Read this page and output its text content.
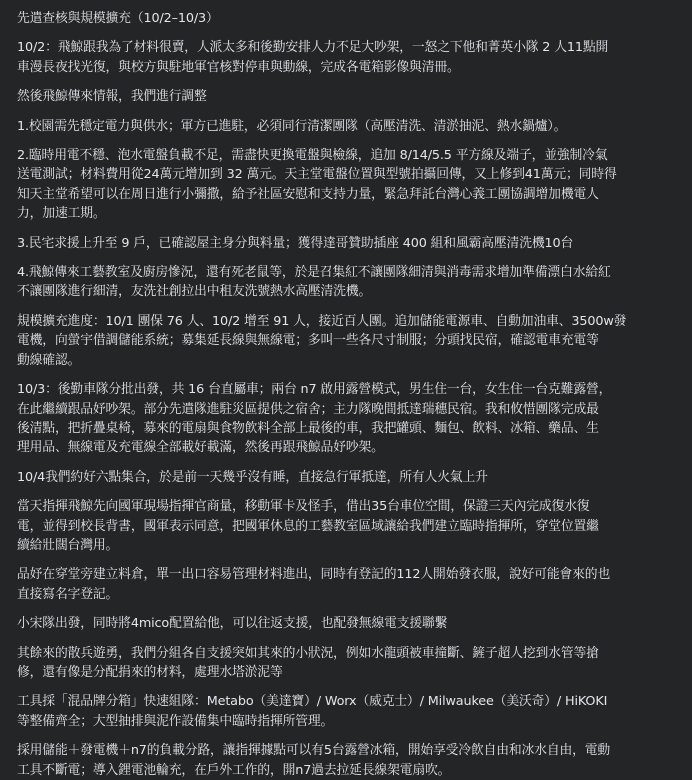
先遣查核與規模擴充（10/2–10/3）
10/2：飛鯨跟我為了材料很賣，人派太多和後勤安排人力不足大吵架，一怒之下他和菁英小隊 2 人11點開
車漫長夜找光復，與校方與駐地軍官核對停車與動線，完成各電箱影像與清冊。
然後飛鯨傳來情報，我們進行調整
1.校園需先穩定電力與供水；軍方已進駐，必須同行清潔團隊（高壓清洗、清淤抽泥、熱水鍋爐）。
2.臨時用電不穩、泡水電盤負載不足，需盡快更換電盤與檢線，追加 8/14/5.5 平方線及端子，並強制冷氣
送電測試；材料費用從24萬元增加到 32 萬元。天主堂電盤位置與型號拍攝回傳，又上修到41萬元；同時得
知天主堂希望可以在周日進行小彌撒，給予社區安慰和支持力量，緊急拜託台灣心義工團協調增加機電人
力，加速工期。
3.民宅求援上升至 9 戶，已確認屋主身分與料量；獲得達哥贊助插座 400 組和風霸高壓清洗機10台
4.飛鯨傳來工藝教室及廚房慘況，還有死老鼠等，於是召集紅不讓團隊細清與消毒需求增加準備漂白水給紅
不讓團隊進行細清，友洗社創拉出中租友洗號熱水高壓清洗機。
規模擴充進度：10/1 團保 76 人、10/2 增至 91 人，接近百人團。追加儲能電源車、自動加油車、3500w發
電機，向螢宇借調儲能系統；募集延長線與無線電；多叫一些各尺寸制服；分頭找民宿，確認電車充電等
動線確認。
10/3：後勤車隊分批出發，共 16 台直屬車；兩台 n7 啟用露營模式，男生住一台，女生住一台克難露營，
在此繼續跟品妤吵架。部分先遣隊進駐災區提供之宿舍；主力隊晚間抵達瑞穗民宿。我和攸惜團隊完成最
後清點，把折疊桌椅，募來的電扇與食物飲料全部上最後的車，我把罐頭、麵包、飲料、冰箱、藥品、生
理用品、無線電及充電線全部載好載滿，然後再跟飛鯨品妤吵架。
10/4我們約好六點集合，於是前一天幾乎沒有睡，直接急行軍抵達，所有人火氣上升
當天指揮飛鯨先向國軍現場指揮官商量，移動軍卡及怪手，借出35台車位空間，保證三天內完成復水復
電，並得到校長背書，國軍表示同意，把國軍休息的工藝教室區域讓給我們建立臨時指揮所，穿堂位置繼
續給壯闊台灣用。
品妤在穿堂旁建立料倉，單一出口容易管理材料進出，同時有登記的112人開始發衣服，說好可能會來的也
直接寫名字登記。
小宋隊出發，同時將4mico配置給他，可以往返支援，也配發無線電支援聯繫
其餘來的散兵遊勇，我們分組各自支援突如其來的小狀況，例如水龍頭被車撞斷、鏟子超人挖到水管等搶
修，還有像是分配捐來的材料，處理水塔淤泥等
工具採「混品牌分箱」快速組隊：Metabo（美達寶）/ Worx（威克士）/ Milwaukee（美沃奇）/ HiKOKI
等整備齊全；大型抽排與泥作設備集中臨時指揮所管理。
採用儲能＋發電機＋n7的負載分路，讓指揮據點可以有5台露營冰箱，開始享受冷飲自由和冰水自由，電動
工具不斷電；導入鋰電池輪充，在戶外工作的，開n7過去拉延長線架電扇吹。
